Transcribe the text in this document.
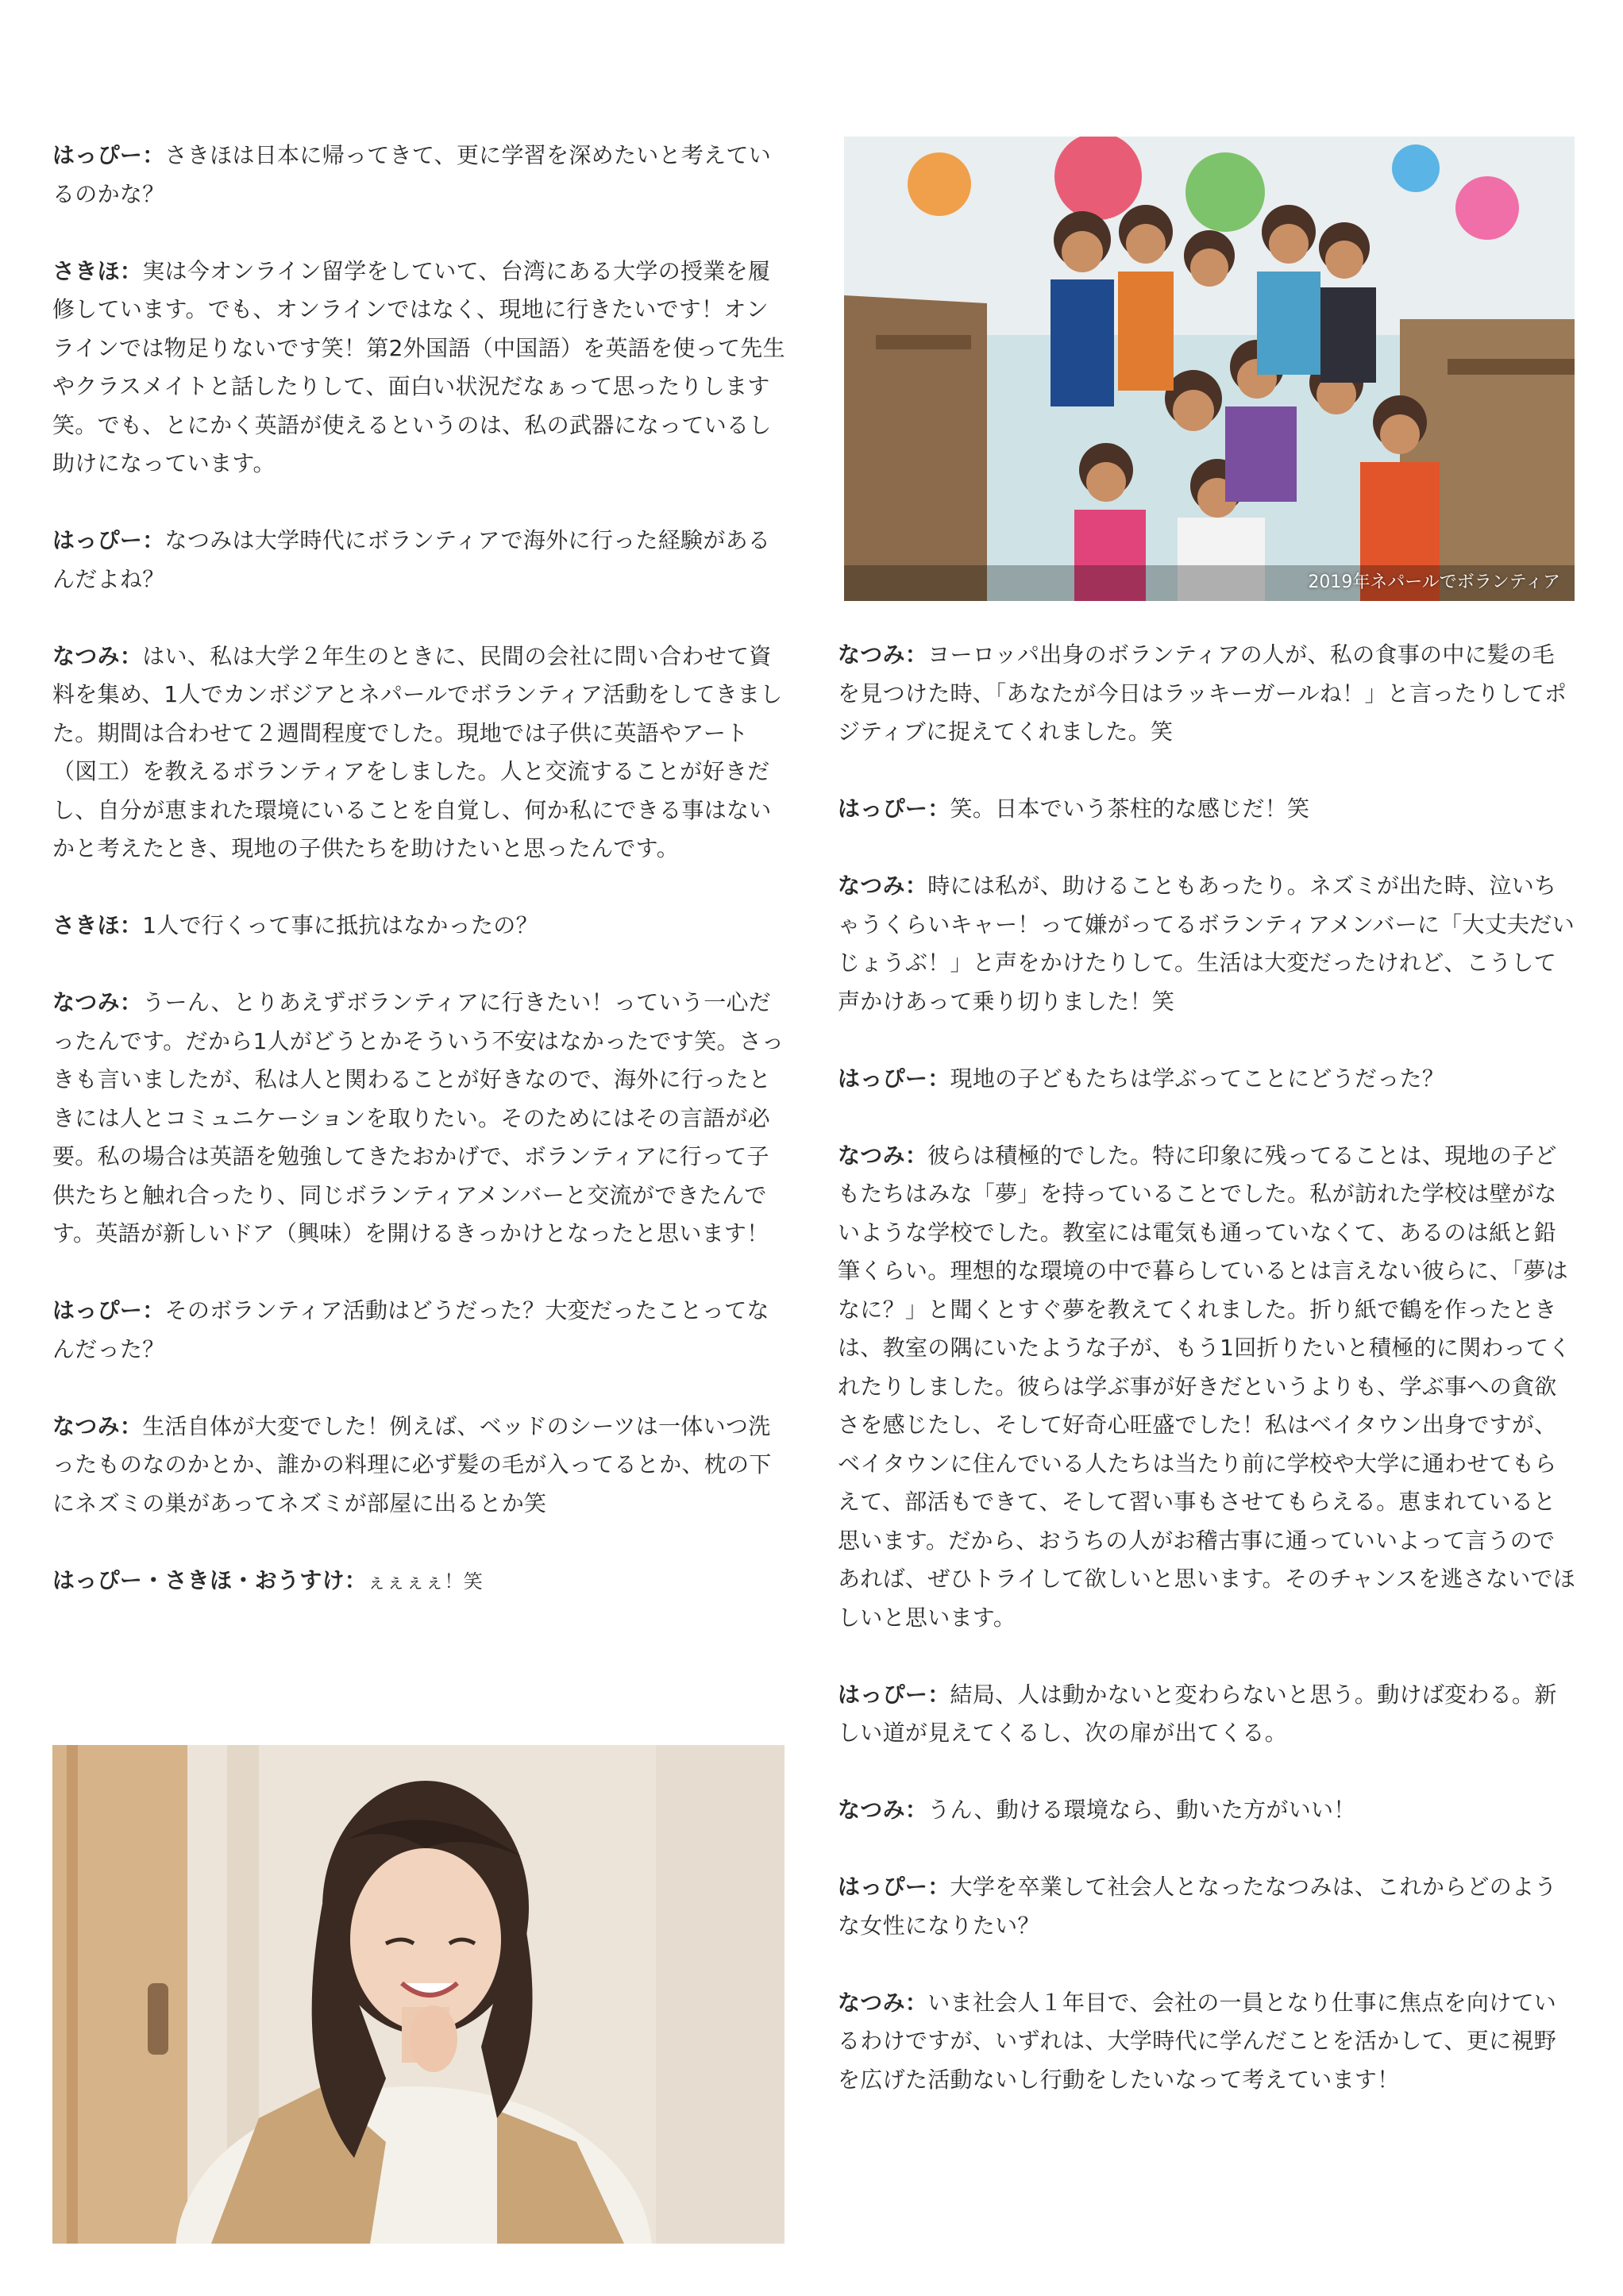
はっぴー：さきほは日本に帰ってきて、更に学習を深めたいと考えているのかな？

さきほ：実は今オンライン留学をしていて、台湾にある大学の授業を履修しています。でも、オンラインではなく、現地に行きたいです！オンラインでは物足りないです笑！第2外国語（中国語）を英語を使って先生やクラスメイトと話したりして、面白い状況だなぁって思ったりします笑。でも、とにかく英語が使えるというのは、私の武器になっているし助けになっています。

はっぴー：なつみは大学時代にボランティアで海外に行った経験があるんだよね？

なつみ：はい、私は大学２年生のときに、民間の会社に問い合わせて資料を集め、1人でカンボジアとネパールでボランティア活動をしてきました。期間は合わせて２週間程度でした。現地では子供に英語やアート（図工）を教えるボランティアをしました。人と交流することが好きだし、自分が恵まれた環境にいることを自覚し、何か私にできる事はないかと考えたとき、現地の子供たちを助けたいと思ったんです。

さきほ：1人で行くって事に抵抗はなかったの？

なつみ：うーん、とりあえずボランティアに行きたい！っていう一心だったんです。だから1人がどうとかそういう不安はなかったです笑。さっきも言いましたが、私は人と関わることが好きなので、海外に行ったときには人とコミュニケーションを取りたい。そのためにはその言語が必要。私の場合は英語を勉強してきたおかげで、ボランティアに行って子供たちと触れ合ったり、同じボランティアメンバーと交流ができたんです。英語が新しいドア（興味）を開けるきっかけとなったと思います！

はっぴー：そのボランティア活動はどうだった？大変だったことってなんだった？

なつみ：生活自体が大変でした！例えば、ベッドのシーツは一体いつ洗ったものなのかとか、誰かの料理に必ず髪の毛が入ってるとか、枕の下にネズミの巣があってネズミが部屋に出るとか笑

はっぴー・さきほ・おうすけ：ぇぇぇぇ！笑

2019年ネパールでボランティア

なつみ：ヨーロッパ出身のボランティアの人が、私の食事の中に髪の毛を見つけた時、「あなたが今日はラッキーガールね！」と言ったりしてポジティブに捉えてくれました。笑

はっぴー：笑。日本でいう茶柱的な感じだ！笑

なつみ：時には私が、助けることもあったり。ネズミが出た時、泣いちゃうくらいキャー！って嫌がってるボランティアメンバーに「大丈夫だいじょうぶ！」と声をかけたりして。生活は大変だったけれど、こうして声かけあって乗り切りました！笑

はっぴー：現地の子どもたちは学ぶってことにどうだった？

なつみ：彼らは積極的でした。特に印象に残ってることは、現地の子どもたちはみな「夢」を持っていることでした。私が訪れた学校は壁がないような学校でした。教室には電気も通っていなくて、あるのは紙と鉛筆くらい。理想的な環境の中で暮らしているとは言えない彼らに、「夢はなに？」と聞くとすぐ夢を教えてくれました。折り紙で鶴を作ったときは、教室の隅にいたような子が、もう1回折りたいと積極的に関わってくれたりしました。彼らは学ぶ事が好きだというよりも、学ぶ事への貪欲さを感じたし、そして好奇心旺盛でした！私はベイタウン出身ですが、ベイタウンに住んでいる人たちは当たり前に学校や大学に通わせてもらえて、部活もできて、そして習い事もさせてもらえる。恵まれていると思います。だから、おうちの人がお稽古事に通っていいよって言うのであれば、ぜひトライして欲しいと思います。そのチャンスを逃さないでほしいと思います。

はっぴー：結局、人は動かないと変わらないと思う。動けば変わる。新しい道が見えてくるし、次の扉が出てくる。

なつみ：うん、動ける環境なら、動いた方がいい！

はっぴー：大学を卒業して社会人となったなつみは、これからどのような女性になりたい？

なつみ：いま社会人１年目で、会社の一員となり仕事に焦点を向けているわけですが、いずれは、大学時代に学んだことを活かして、更に視野を広げた活動ないし行動をしたいなって考えています！
